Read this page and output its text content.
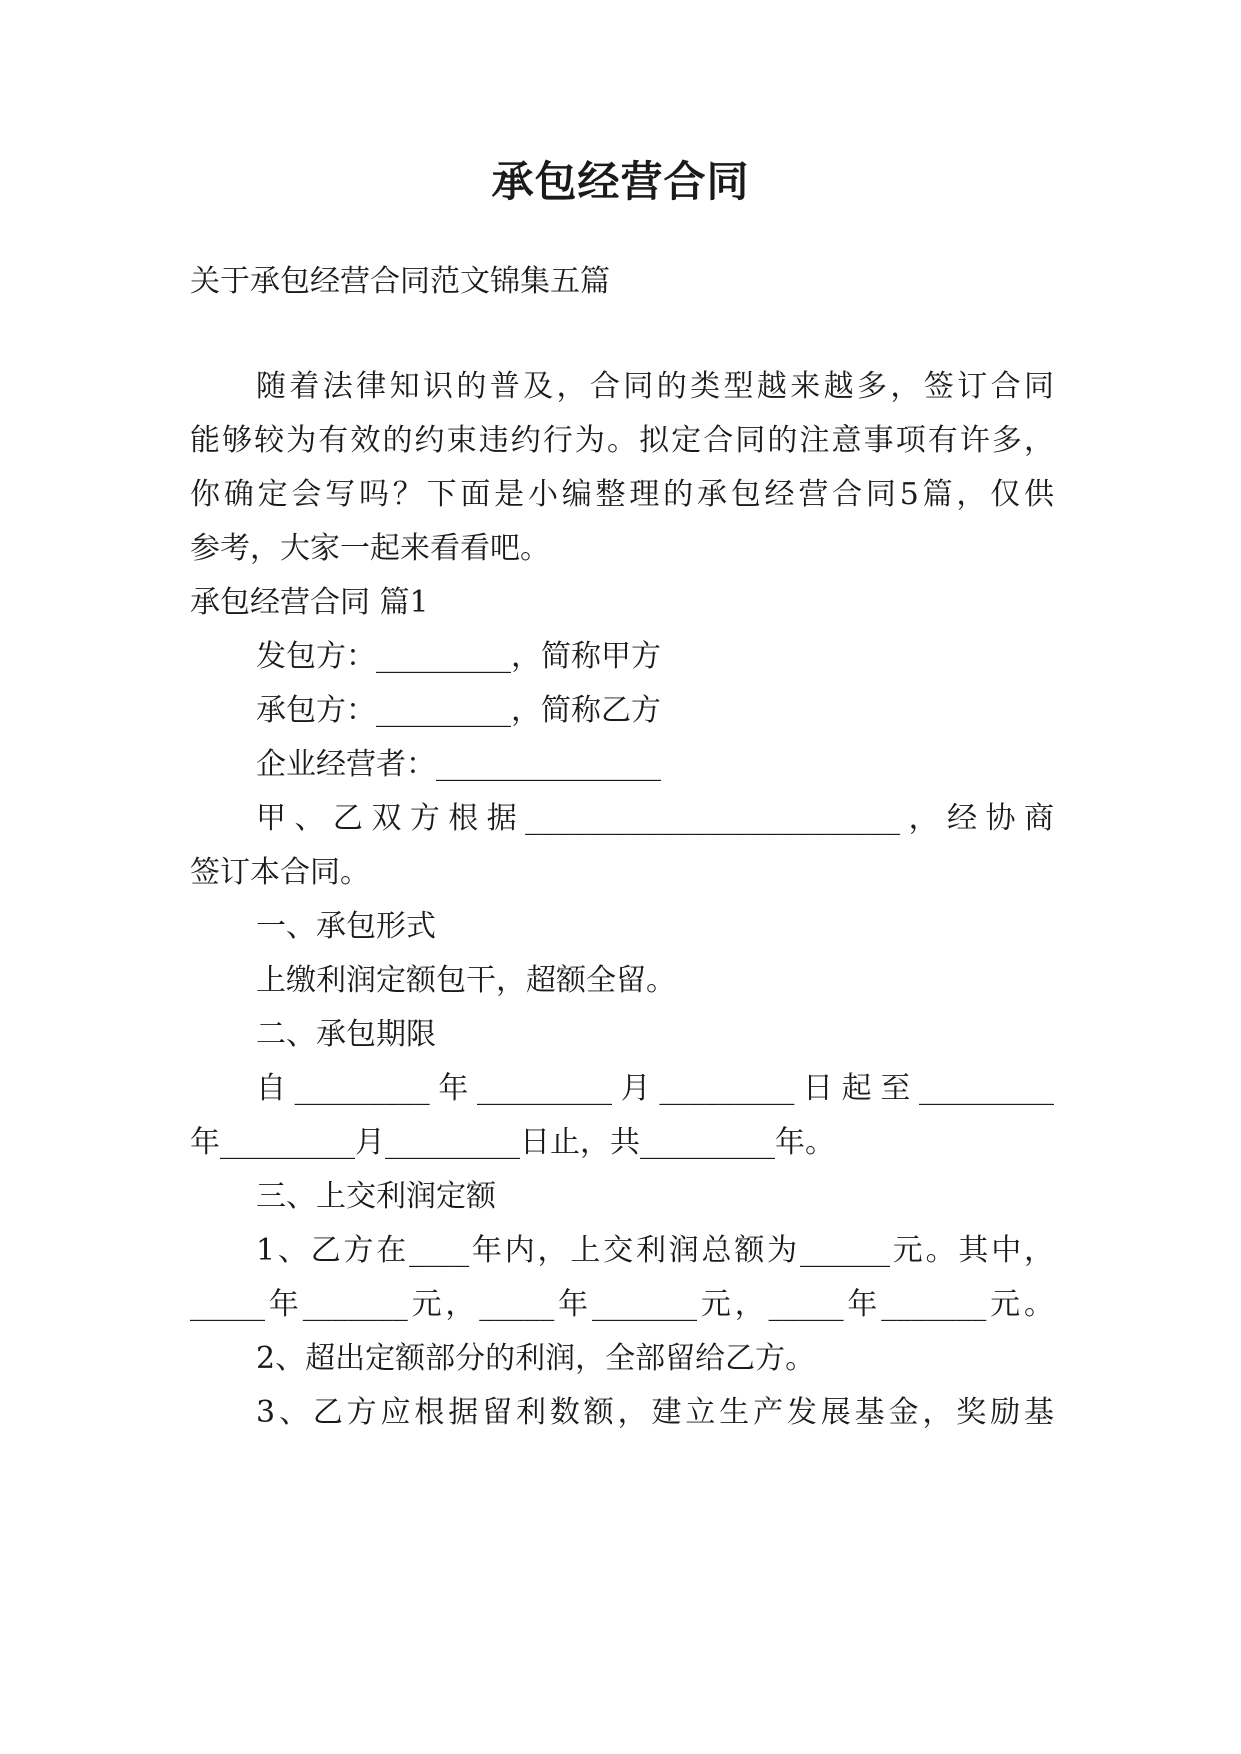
承包经营合同
关于承包经营合同范文锦集五篇
随着法律知识的普及，合同的类型越来越多，签订合同
能够较为有效的约束违约行为。拟定合同的注意事项有许多，
你确定会写吗？下面是小编整理的承包经营合同5篇，仅供
参考，大家一起来看看吧。
承包经营合同 篇1
发包方：_________，简称甲方
承包方：_________，简称乙方
企业经营者：_______________
甲、乙双方根据_________________________，经协商
签订本合同。
一、承包形式
上缴利润定额包干，超额全留。
二、承包期限
自_________年_________月_________日起至_________
年_________月_________日止，共_________年。
三、上交利润定额
1、乙方在____年内，上交利润总额为______元。其中，
_____年_______元，_____年_______元，_____年_______元。
2、超出定额部分的利润，全部留给乙方。
3、乙方应根据留利数额，建立生产发展基金，奖励基
